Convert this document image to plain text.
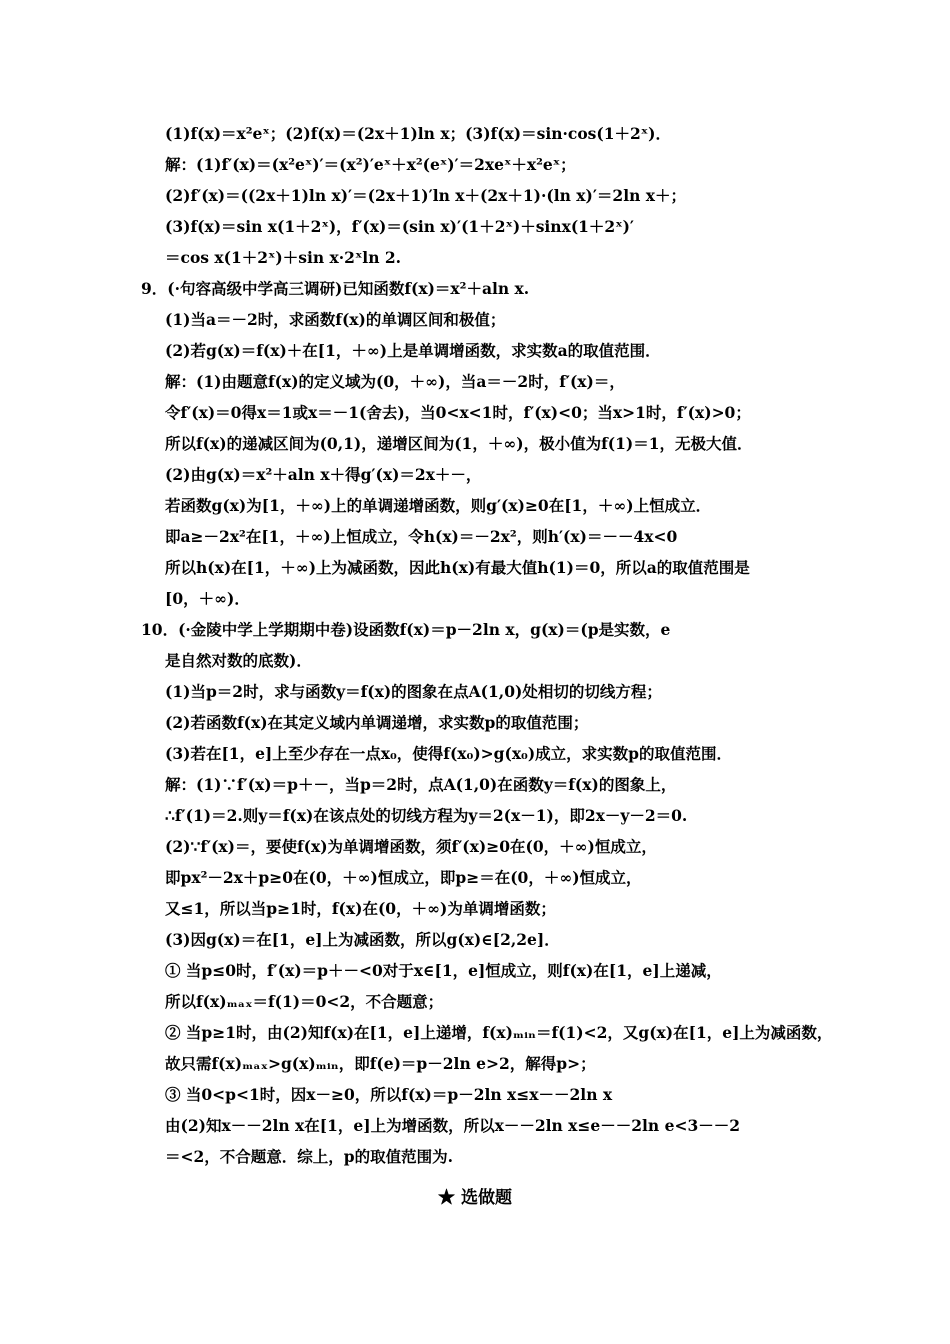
(1)f(x)＝x²eˣ；(2)f(x)＝(2x＋1)ln x；(3)f(x)＝sin·cos(1＋2ˣ)．
解：(1)f′(x)＝(x²eˣ)′＝(x²)′eˣ＋x²(eˣ)′＝2xeˣ＋x²eˣ；
(2)f′(x)＝((2x＋1)ln x)′＝(2x＋1)′ln x＋(2x＋1)·(ln x)′＝2ln x＋；
(3)f(x)＝sin x(1＋2ˣ)，f′(x)＝(sin x)′(1＋2ˣ)＋sinx(1＋2ˣ)′
＝cos x(1＋2ˣ)＋sin x·2ˣln 2.
9．(·句容高级中学高三调研)已知函数f(x)＝x²＋aln x.
(1)当a＝－2时，求函数f(x)的单调区间和极值；
(2)若g(x)＝f(x)＋在[1，＋∞)上是单调增函数，求实数a的取值范围．
解：(1)由题意f(x)的定义域为(0，＋∞)，当a＝－2时，f′(x)＝，
令f′(x)＝0得x＝1或x＝－1(舍去)，当0<x<1时，f′(x)<0；当x>1时，f′(x)>0；
所以f(x)的递减区间为(0,1)，递增区间为(1，＋∞)，极小值为f(1)＝1，无极大值．
(2)由g(x)＝x²＋aln x＋得g′(x)＝2x＋－，
若函数g(x)为[1，＋∞)上的单调递增函数，则g′(x)≥0在[1，＋∞)上恒成立．
即a≥－2x²在[1，＋∞)上恒成立，令h(x)＝－2x²，则h′(x)＝－－4x<0
所以h(x)在[1，＋∞)上为减函数，因此h(x)有最大值h(1)＝0，所以a的取值范围是
[0，＋∞)．
10．(·金陵中学上学期期中卷)设函数f(x)＝p－2ln x，g(x)＝(p是实数，e
是自然对数的底数)．
(1)当p＝2时，求与函数y＝f(x)的图象在点A(1,0)处相切的切线方程；
(2)若函数f(x)在其定义域内单调递增，求实数p的取值范围；
(3)若在[1，e]上至少存在一点x₀，使得f(x₀)>g(x₀)成立，求实数p的取值范围．
解：(1)∵f′(x)＝p＋－，当p＝2时，点A(1,0)在函数y＝f(x)的图象上，
∴f′(1)＝2.则y＝f(x)在该点处的切线方程为y＝2(x－1)，即2x－y－2＝0.
(2)∵f′(x)＝，要使f(x)为单调增函数，须f′(x)≥0在(0，＋∞)恒成立，
即px²－2x＋p≥0在(0，＋∞)恒成立，即p≥＝在(0，＋∞)恒成立，
又≤1，所以当p≥1时，f(x)在(0，＋∞)为单调增函数；
(3)因g(x)＝在[1，e]上为减函数，所以g(x)∈[2,2e]．
① 当p≤0时，f′(x)＝p＋－<0对于x∈[1，e]恒成立，则f(x)在[1，e]上递减，
所以f(x)ₘₐₓ＝f(1)＝0<2，不合题意；
② 当p≥1时，由(2)知f(x)在[1，e]上递增，f(x)ₘᵢₙ＝f(1)<2，又g(x)在[1，e]上为减函数，
故只需f(x)ₘₐₓ>g(x)ₘᵢₙ，即f(e)＝p－2ln e>2，解得p>；
③ 当0<p<1时，因x－≥0，所以f(x)＝p－2ln x≤x－－2ln x
由(2)知x－－2ln x在[1，e]上为增函数，所以x－－2ln x≤e－－2ln e<3－－2
＝<2，不合题意．综上，p的取值范围为.
★ 选做题
